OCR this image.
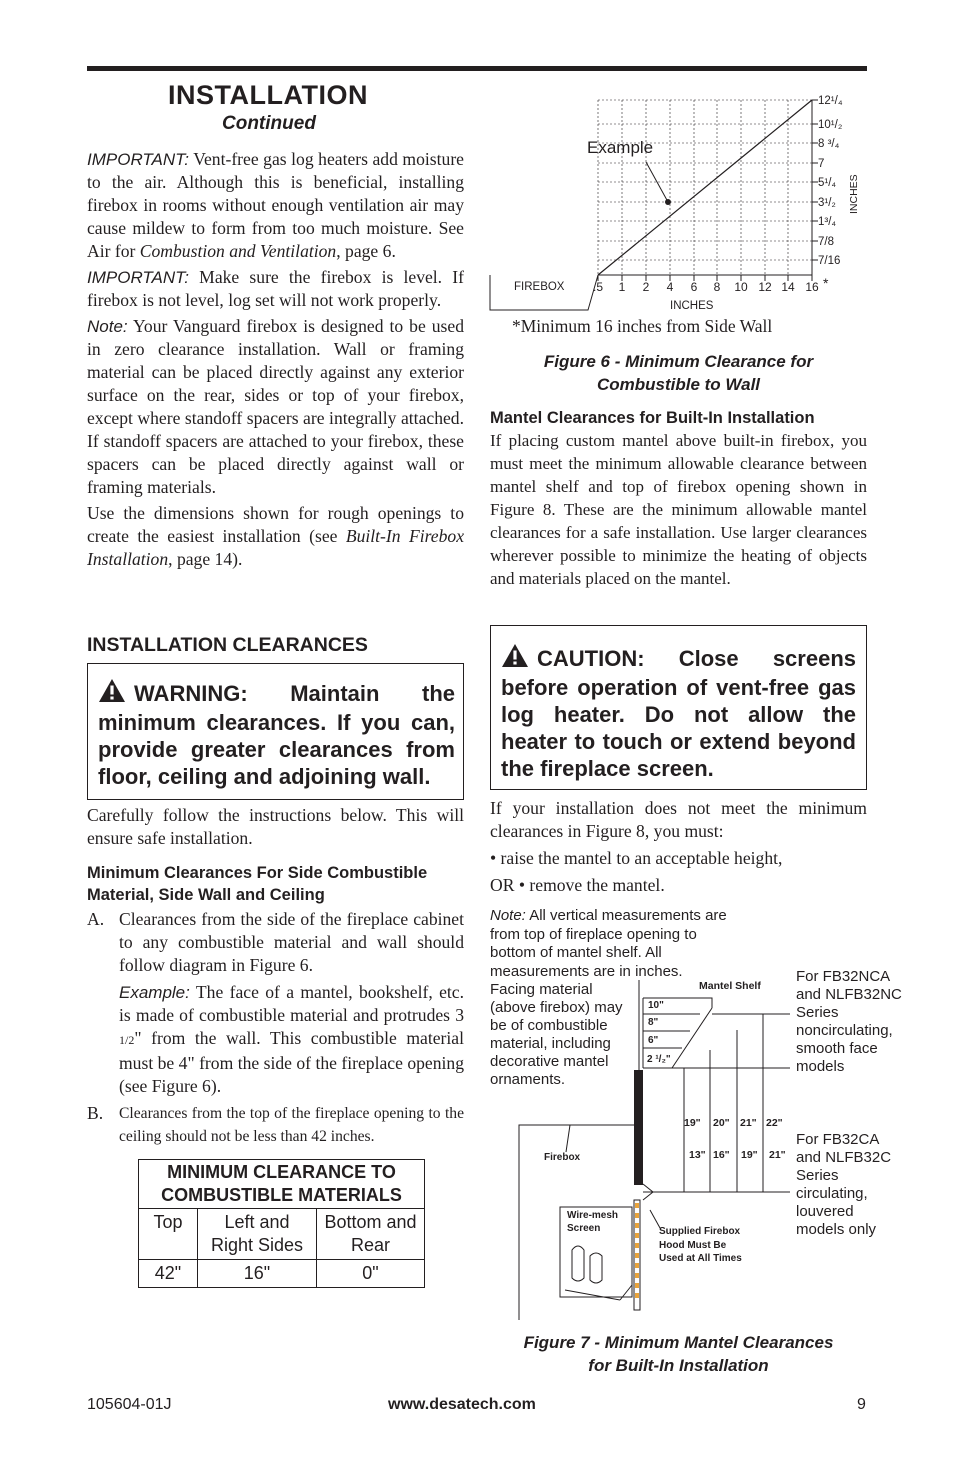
INSTALLATION
Continued

IMPORTANT: Vent-free gas log heaters add moisture to the air. Although this is beneficial, installing firebox in rooms without enough ventilation air may cause mildew to form from too much moisture. See Air for Combustion and Ventilation, page 6.

IMPORTANT: Make sure the firebox is level. If firebox is not level, log set will not work properly.

Note: Your Vanguard firebox is designed to be used in zero clearance installation. Wall or framing material can be placed directly against any exterior surface on the rear, sides or top of your firebox, except where standoff spacers are integrally attached. If standoff spacers are attached to your firebox, these spacers can be placed directly against wall or framing materials.

Use the dimensions shown for rough openings to create the easiest installation (see Built-In Firebox Installation, page 14).

INSTALLATION CLEARANCES
WARNING: Maintain the minimum clearances. If you can, provide greater clearances from floor, ceiling and adjoining wall.

Carefully follow the instructions below. This will ensure safe installation.

Minimum Clearances For Side Combustible Material, Side Wall and Ceiling

A. Clearances from the side of the fireplace cabinet to any combustible material and wall should follow diagram in Figure 6.
Example: The face of a mantel, bookshelf, etc. is made of combustible material and protrudes 3 1/2" from the wall. This combustible material must be 4" from the side of the fireplace opening (see Figure 6).
B.	Clearances from the top of the fireplace opening to the ceiling should not be less than 42 inches.
MINIMUM CLEARANCE TO COMBUSTIBLE MATERIALS		
Top	Left and Right Sides	Bottom and Rear
42"	16"	0"
Example
FIREBOX .5 1 2 4 6 8 10 12 14 16 *
INCHES
12¹/₄
10¹/₂
8 ³/₄
7
5¹/₄
3¹/₂
1³/₄
7/8
7/16
INCHES
*Minimum 16 inches from Side Wall
Figure 6 - Minimum Clearance for
Combustible to Wall

Mantel Clearances for Built-In Installation

If placing custom mantel above built-in firebox, you must meet the minimum allowable clearance between mantel shelf and top of firebox opening shown in Figure 8. These are the minimum allowable mantel clearances for a safe installation. Use larger clearances wherever possible to minimize the heating of objects and materials placed on the mantel.

CAUTION: Close screens before operation of vent-free gas log heater. Do not allow the heater to touch or extend beyond the fireplace screen.

If your installation does not meet the minimum clearances in Figure 8, you must:

• raise the mantel to an acceptable height,

OR • remove the mantel.

Note: All vertical measurements are from top of fireplace opening to bottom of mantel shelf. All measurements are in inches.
Facing material (above firebox) may be of combustible material, including decorative mantel ornaments.
Mantel Shelf
10"
8"
6"
2 ¹/₂"
19" 20" 21" 22"
13" 16" 19" 21"
Firebox
Wire-mesh Screen	Supplied Firebox Hood Must Be Used at All Times
For FB32NCA and NLFB32NC Series noncirculating, smooth face models
For FB32CA and NLFB32C Series circulating, louvered models only
Figure 7 - Minimum Mantel Clearances
for Built-In Installation
105604-01J	www.desatech.com	9
